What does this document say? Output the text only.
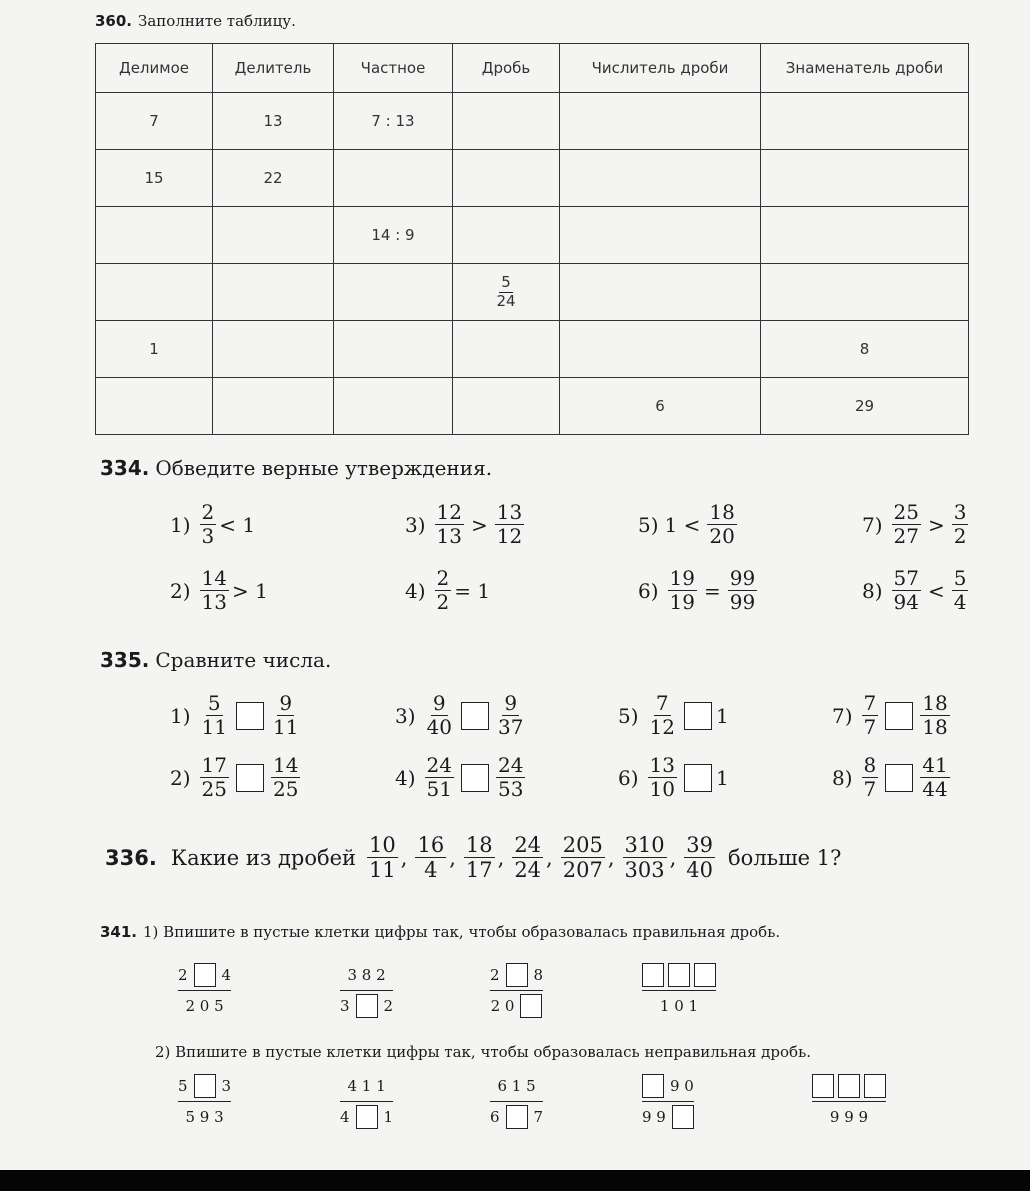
360. Заполните таблицу.
Делимое	Делитель	Частное	Дробь	Числитель дроби	Знаменатель дроби
7	13	7 : 13			
15	22				
		14 : 9			

			$\frac{5}{24}$

1					8
				6	29
334. Обведите верные утверждения.
$1) \frac{2}{3} < 1$
$2) \frac{14}{13} > 1$
$3) \frac{12}{13} > \frac{13}{12}$
$4) \frac{2}{2} = 1$
5) $1 < \frac{18}{20}$
$6) \frac{19}{19} = \frac{99}{99}$
$7) \frac{25}{27} > \frac{3}{2}$
$8) \frac{57}{94} < \frac{5}{4}$
335. Сравните числа.
$1) \frac{5}{11} \frac{9}{11}$
$2) \frac{17}{25} \frac{14}{25}$
$3) \frac{9}{40} \frac{9}{37}$
$4) \frac{24}{51} \frac{24}{53}$
$5) \frac{7}{12} 1$
$6) \frac{13}{10} 1$
$7) \frac{7}{7} \frac{18}{18}$
$8) \frac{8}{7} \frac{41}{44}$
336. Какие из дробей $\frac{10}{11}$ , $\frac{16}{4}$ , $\frac{18}{17}$ , $\frac{24}{24}$ , $\frac{205}{207}$ , $\frac{310}{303}$ , $\frac{39}{40}$ больше 1?
341. 1) Впишите в пустые клетки цифры так, чтобы образовалась правильная дробь.
2 4
2 0 5
3 8 2
3 2
2 8
2 0	1 0 1
2) Впишите в пустые клетки цифры так, чтобы образовалась неправильная дробь.
5 3
5 9 3
4 1 1
4 1
6 1 5
6 7
9 0
9 9	9 9 9
